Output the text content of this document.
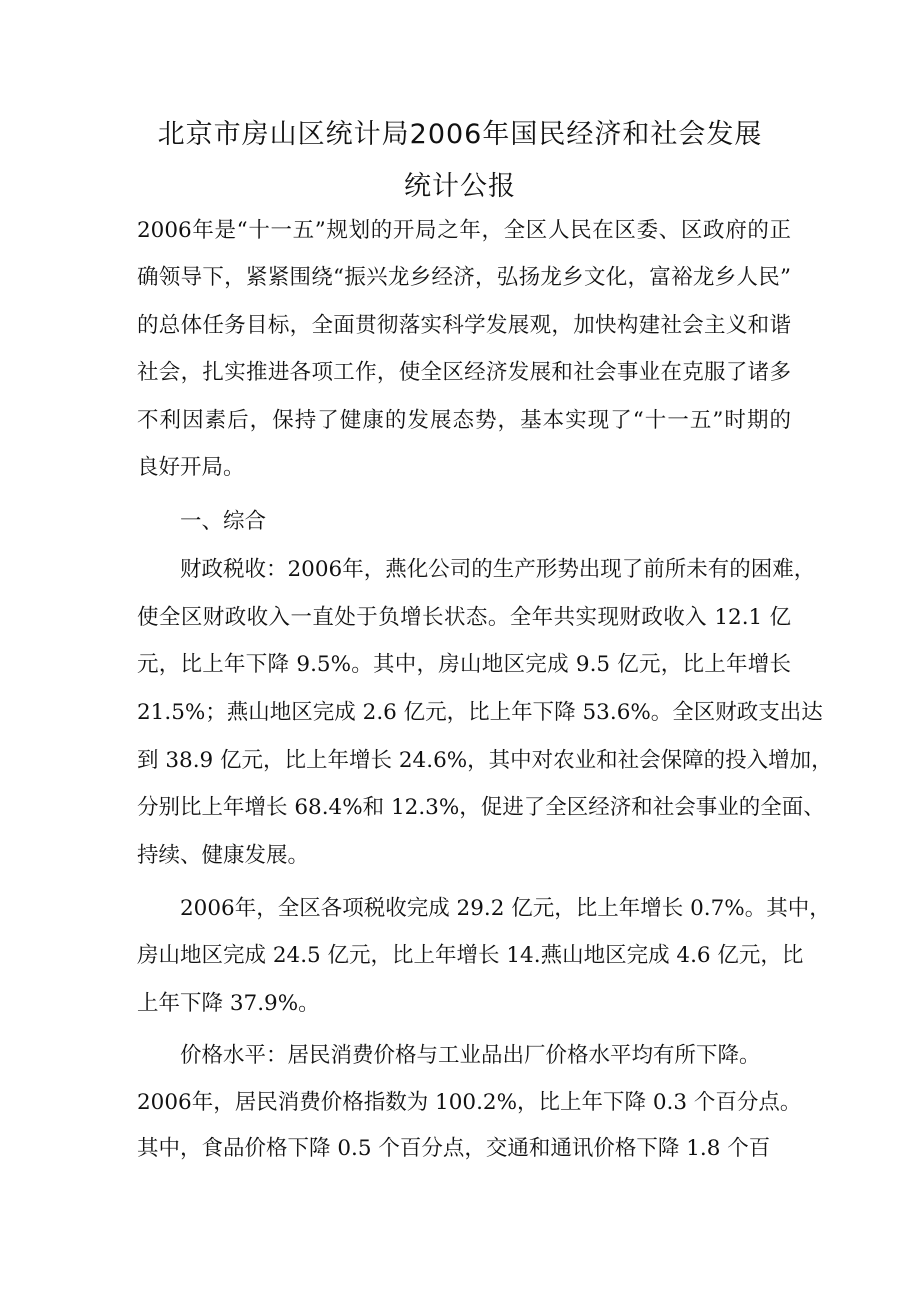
北京市房山区统计局2006年国民经济和社会发展
统计公报
2006年是“十一五”规划的开局之年，全区人民在区委、区政府的正
确领导下，紧紧围绕“振兴龙乡经济，弘扬龙乡文化，富裕龙乡人民”
的总体任务目标，全面贯彻落实科学发展观，加快构建社会主义和谐
社会，扎实推进各项工作，使全区经济发展和社会事业在克服了诸多
不利因素后，保持了健康的发展态势，基本实现了“十一五”时期的
良好开局。
一、综合
财政税收：2006年，燕化公司的生产形势出现了前所未有的困难，
使全区财政收入一直处于负增长状态。全年共实现财政收入 12.1 亿
元，比上年下降 9.5%。其中，房山地区完成 9.5 亿元，比上年增长
21.5%；燕山地区完成 2.6 亿元，比上年下降 53.6%。全区财政支出达
到 38.9 亿元，比上年增长 24.6%，其中对农业和社会保障的投入增加，
分别比上年增长 68.4%和 12.3%，促进了全区经济和社会事业的全面、
持续、健康发展。
2006年，全区各项税收完成 29.2 亿元，比上年增长 0.7%。其中，
房山地区完成 24.5 亿元，比上年增长 14.燕山地区完成 4.6 亿元，比
上年下降 37.9%。
价格水平：居民消费价格与工业品出厂价格水平均有所下降。
2006年，居民消费价格指数为 100.2%，比上年下降 0.3 个百分点。
其中，食品价格下降 0.5 个百分点，交通和通讯价格下降 1.8 个百
